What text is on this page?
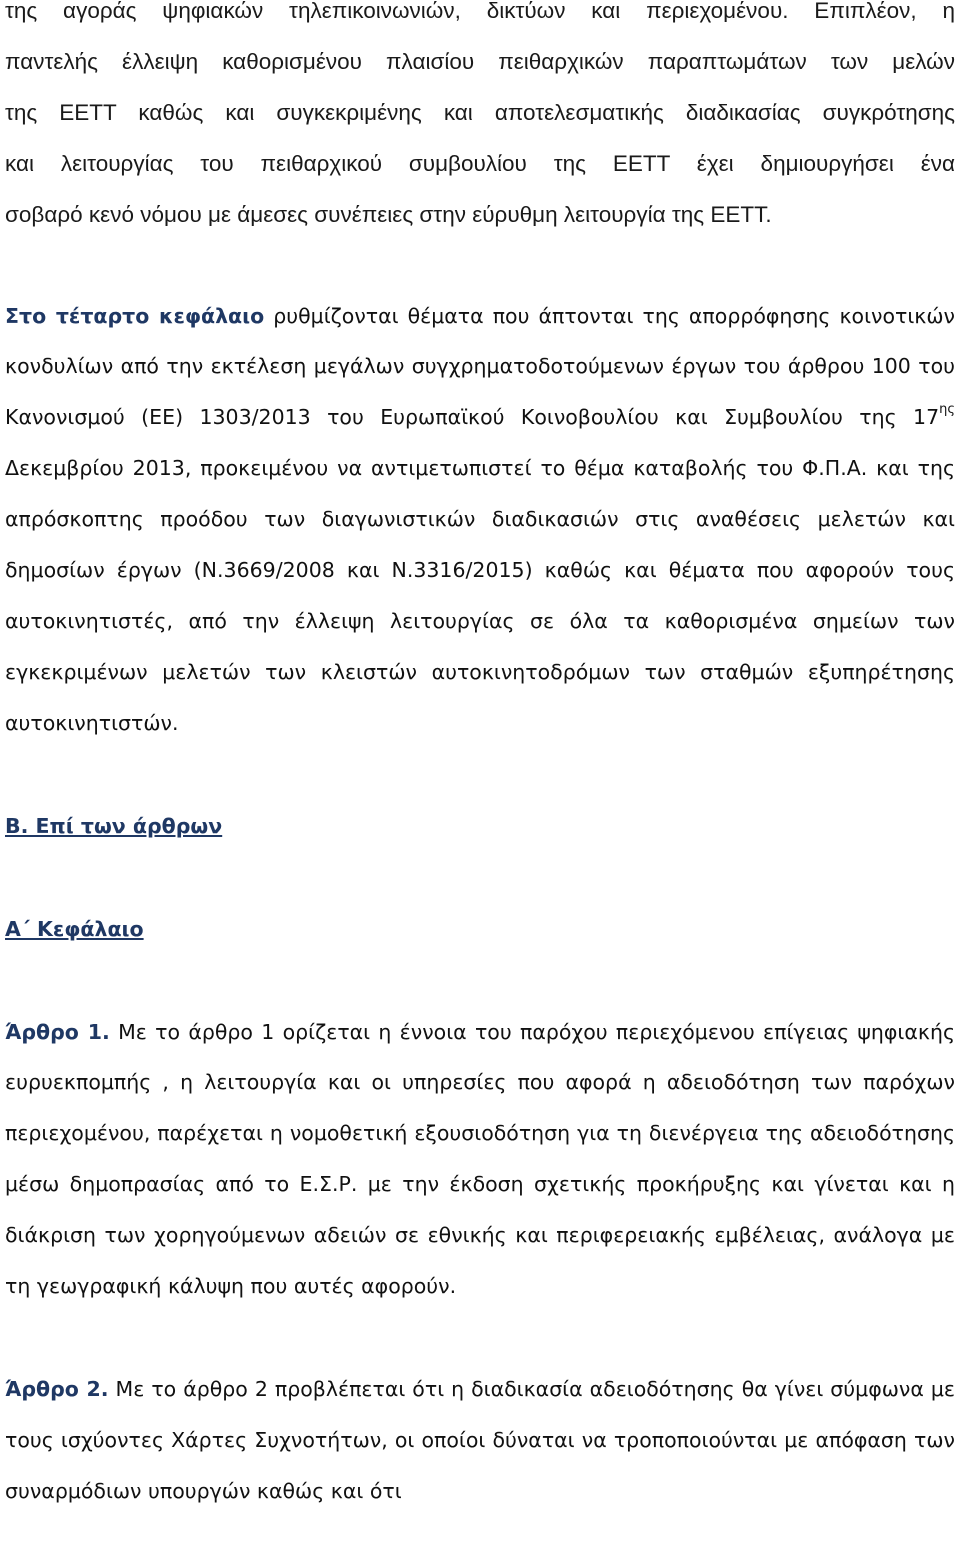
της αγοράς ψηφιακών τηλεπικοινωνιών, δικτύων και περιεχομένου. Επιπλέον, η
παντελής έλλειψη καθορισμένου πλαισίου πειθαρχικών παραπτωμάτων των μελών
της ΕΕΤΤ καθώς και συγκεκριμένης και αποτελεσματικής διαδικασίας συγκρότησης
και λειτουργίας του πειθαρχικού συμβουλίου της ΕΕΤΤ έχει δημιουργήσει ένα
σοβαρό κενό νόμου με άμεσες συνέπειες στην εύρυθμη λειτουργία της ΕΕΤΤ.

Στο τέταρτο κεφάλαιο ρυθμίζονται θέματα που άπτονται της απορρόφησης κοινοτικών κονδυλίων από την εκτέλεση μεγάλων συγχρηματοδοτούμενων έργων του άρθρου 100 του Κανονισμού (ΕΕ) 1303/2013 του Ευρωπαϊκού Κοινοβουλίου και Συμβουλίου της $17^{\eta\varsigma}$ Δεκεμβρίου 2013, προκειμένου να αντιμετωπιστεί το θέμα καταβολής του Φ.Π.Α. και της απρόσκοπτης προόδου των διαγωνιστικών διαδικασιών στις αναθέσεις μελετών και δημοσίων έργων (Ν.3669/2008 και Ν.3316/2015) καθώς και θέματα που αφορούν τους αυτοκινητιστές, από την έλλειψη λειτουργίας σε όλα τα καθορισμένα σημείων των εγκεκριμένων μελετών των κλειστών αυτοκινητοδρόμων των σταθμών εξυπηρέτησης αυτοκινητιστών.

Β. Επί των άρθρων

Α΄ Κεφάλαιο

Άρθρο 1. Με το άρθρο 1 ορίζεται η έννοια του παρόχου περιεχόμενου επίγειας ψηφιακής ευρυεκπομπής , η λειτουργία και οι υπηρεσίες που αφορά η αδειοδότηση των παρόχων περιεχομένου, παρέχεται η νομοθετική εξουσιοδότηση για τη διενέργεια της αδειοδότησης μέσω δημοπρασίας από το Ε.Σ.Ρ. με την έκδοση σχετικής προκήρυξης και γίνεται και η διάκριση των χορηγούμενων αδειών σε εθνικής και περιφερειακής εμβέλειας, ανάλογα με τη γεωγραφική κάλυψη που αυτές αφορούν.

Άρθρο 2. Με το άρθρο 2 προβλέπεται ότι η διαδικασία αδειοδότησης θα γίνει σύμφωνα με τους ισχύοντες Χάρτες Συχνοτήτων, οι οποίοι δύναται να τροποποιούνται με απόφαση των συναρμόδιων υπουργών καθώς και ότι
